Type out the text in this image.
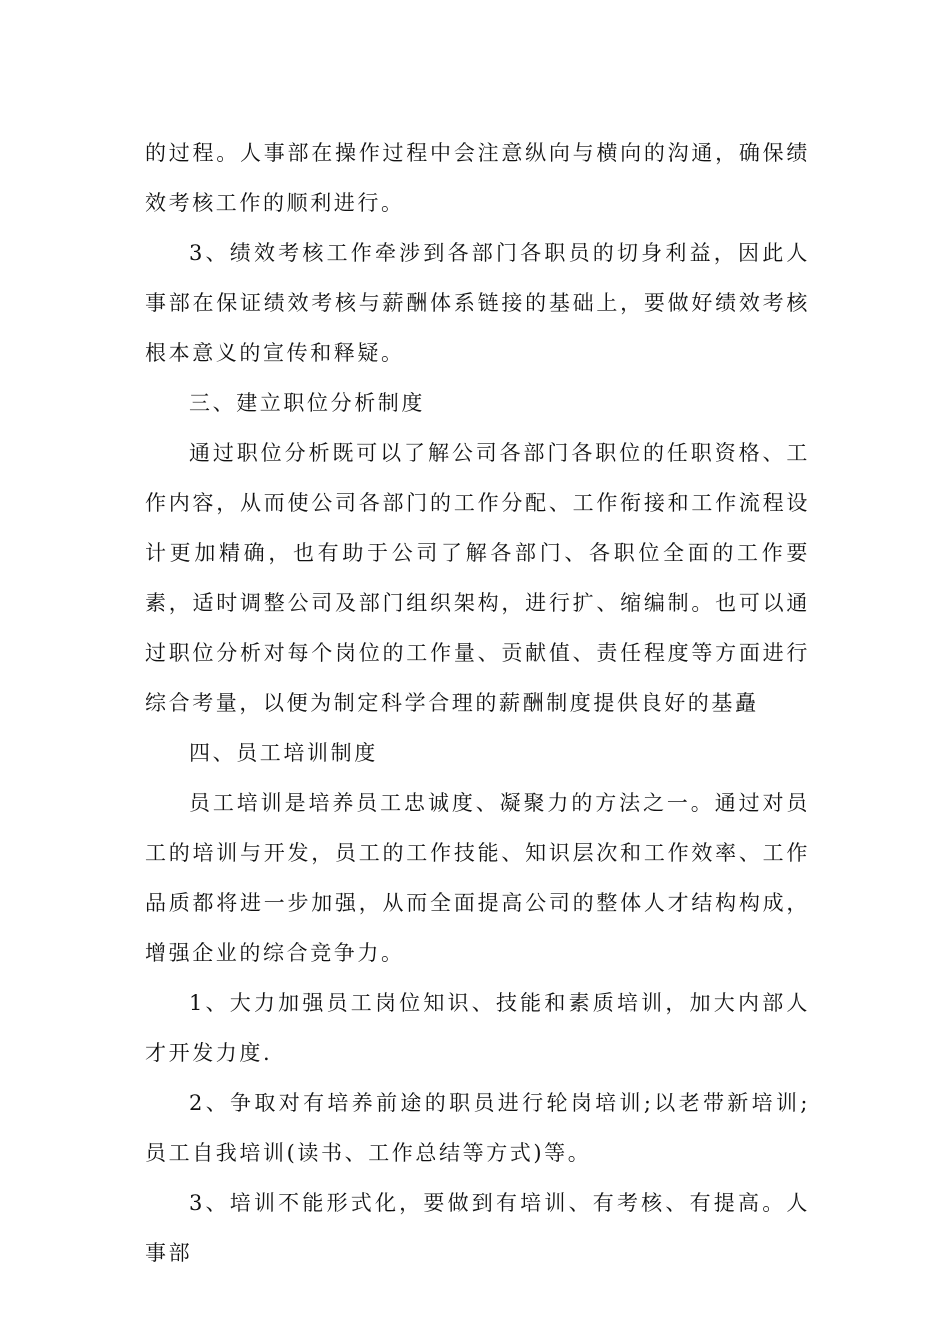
的过程。人事部在操作过程中会注意纵向与横向的沟通，确保绩效考核工作的顺利进行。

3、绩效考核工作牵涉到各部门各职员的切身利益，因此人事部在保证绩效考核与薪酬体系链接的基础上，要做好绩效考核根本意义的宣传和释疑。

三、建立职位分析制度

通过职位分析既可以了解公司各部门各职位的任职资格、工作内容，从而使公司各部门的工作分配、工作衔接和工作流程设计更加精确，也有助于公司了解各部门、各职位全面的工作要素，适时调整公司及部门组织架构，进行扩、缩编制。也可以通过职位分析对每个岗位的工作量、贡献值、责任程度等方面进行综合考量，以便为制定科学合理的薪酬制度提供良好的基矗

四、员工培训制度

员工培训是培养员工忠诚度、凝聚力的方法之一。通过对员工的培训与开发，员工的工作技能、知识层次和工作效率、工作品质都将进一步加强，从而全面提高公司的整体人才结构构成，增强企业的综合竞争力。

1、大力加强员工岗位知识、技能和素质培训，加大内部人才开发力度.

2、争取对有培养前途的职员进行轮岗培训;以老带新培训;员工自我培训(读书、工作总结等方式)等。

3、培训不能形式化，要做到有培训、有考核、有提高。人事部
